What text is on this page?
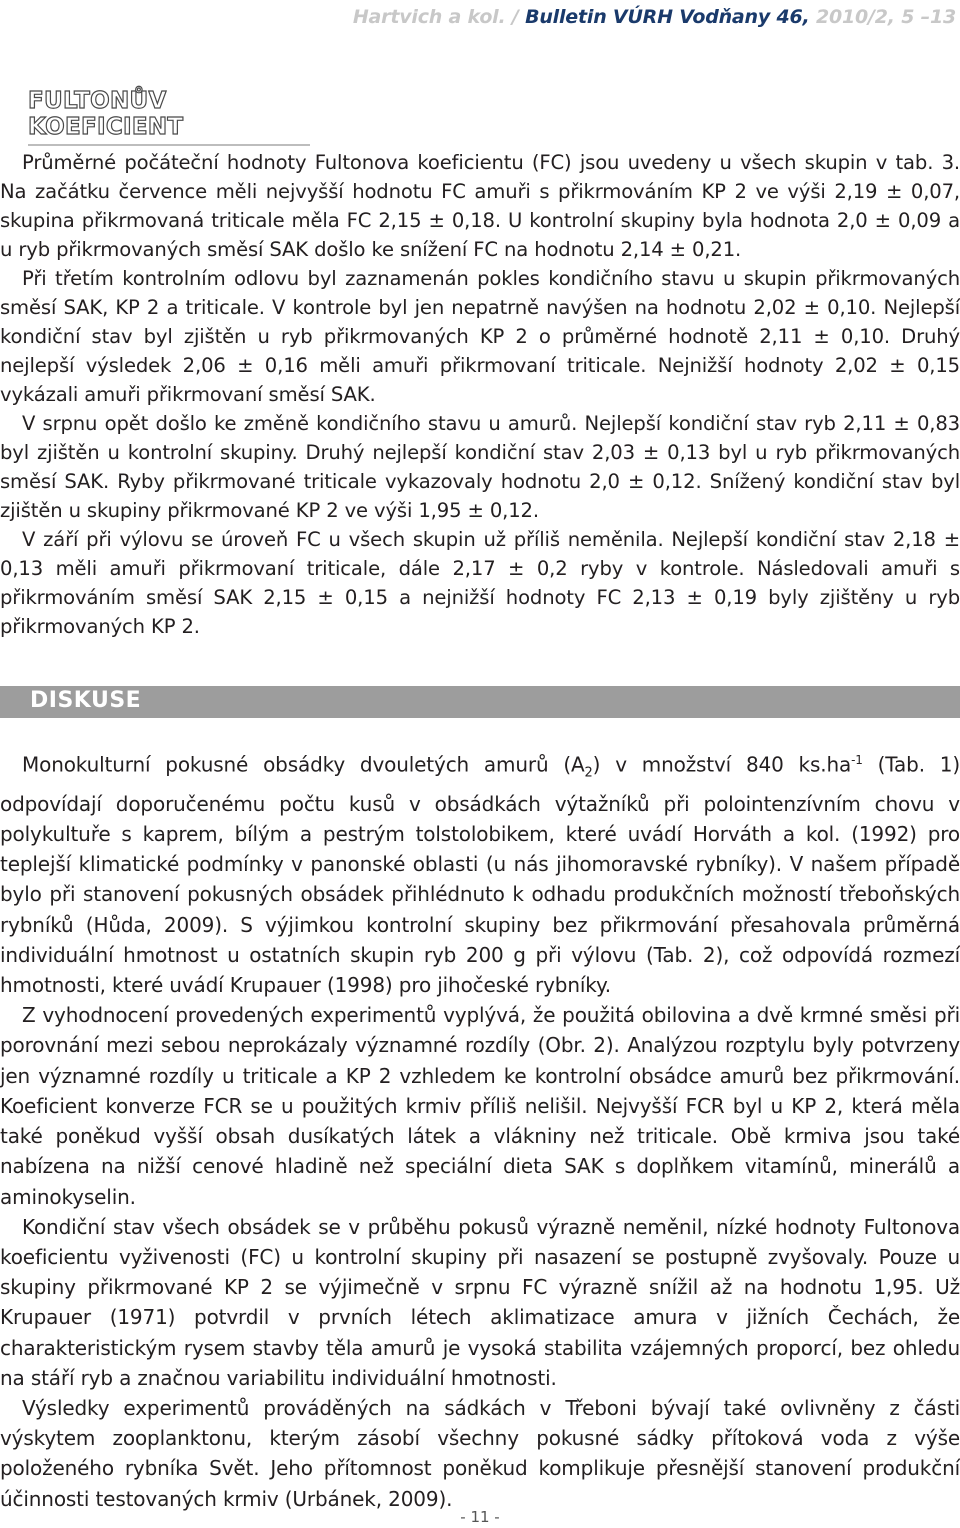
Hartvich a kol. / Bulletin VÚRH Vodňany 46, 2010/2, 5 –13
FULTONŮV KOEFICIENT

Průměrné počáteční hodnoty Fultonova koeficientu (FC) jsou uvedeny u všech skupin v tab. 3. Na začátku července měli nejvyšší hodnotu FC amuři s přikrmováním KP 2 ve výši 2,19 ± 0,07, skupina přikrmovaná triticale měla FC 2,15 ± 0,18. U kontrolní skupiny byla hodnota 2,0 ± 0,09 a u ryb přikrmovaných směsí SAK došlo ke snížení FC na hodnotu 2,14 ± 0,21.

Při třetím kontrolním odlovu byl zaznamenán pokles kondičního stavu u skupin přikrmovaných směsí SAK, KP 2 a triticale. V kontrole byl jen nepatrně navýšen na hodnotu 2,02 ± 0,10. Nejlepší kondiční stav byl zjištěn u ryb přikrmovaných KP 2 o průměrné hodnotě 2,11 ± 0,10. Druhý nejlepší výsledek 2,06 ± 0,16 měli amuři přikrmovaní triticale. Nejnižší hodnoty 2,02 ± 0,15 vykázali amuři přikrmovaní směsí SAK.

V srpnu opět došlo ke změně kondičního stavu u amurů. Nejlepší kondiční stav ryb 2,11 ± 0,83 byl zjištěn u kontrolní skupiny. Druhý nejlepší kondiční stav 2,03 ± 0,13 byl u ryb přikrmovaných směsí SAK. Ryby přikrmované triticale vykazovaly hodnotu 2,0 ± 0,12. Snížený kondiční stav byl zjištěn u skupiny přikrmované KP 2 ve výši 1,95 ± 0,12.

V září při výlovu se úroveň FC u všech skupin už příliš neměnila. Nejlepší kondiční stav 2,18 ± 0,13 měli amuři přikrmovaní triticale, dále 2,17 ± 0,2 ryby v kontrole. Následovali amuři s přikrmováním směsí SAK 2,15 ± 0,15 a nejnižší hodnoty FC 2,13 ± 0,19 byly zjištěny u ryb přikrmovaných KP 2.

DISKUSE

Monokulturní pokusné obsádky dvouletých amurů $(A_2)$ v množství 840 $ks.ha^{-1}$ (Tab. 1) odpovídají doporučenému počtu kusů v obsádkách výtažníků při polointenzívním chovu v polykultuře s kaprem, bílým a pestrým tolstolobikem, které uvádí Horváth a kol. (1992) pro teplejší klimatické podmínky v panonské oblasti (u nás jihomoravské rybníky). V našem případě bylo při stanovení pokusných obsádek přihlédnuto k odhadu produkčních možností třeboňských rybníků (Hůda, 2009). S výjimkou kontrolní skupiny bez přikrmování přesahovala průměrná individuální hmotnost u ostatních skupin ryb 200 g při výlovu (Tab. 2), což odpovídá rozmezí hmotnosti, které uvádí Krupauer (1998) pro jihočeské rybníky.

Z vyhodnocení provedených experimentů vyplývá, že použitá obilovina a dvě krmné směsi při porovnání mezi sebou neprokázaly významné rozdíly (Obr. 2). Analýzou rozptylu byly potvrzeny jen významné rozdíly u triticale a KP 2 vzhledem ke kontrolní obsádce amurů bez přikrmování. Koeficient konverze FCR se u použitých krmiv příliš nelišil. Nejvyšší FCR byl u KP 2, která měla také poněkud vyšší obsah dusíkatých látek a vlákniny než triticale. Obě krmiva jsou také nabízena na nižší cenové hladině než speciální dieta SAK s doplňkem vitamínů, minerálů a aminokyselin.

Kondiční stav všech obsádek se v průběhu pokusů výrazně neměnil, nízké hodnoty Fultonova koeficientu vyživenosti (FC) u kontrolní skupiny při nasazení se postupně zvyšovaly. Pouze u skupiny přikrmované KP 2 se výjimečně v srpnu FC výrazně snížil až na hodnotu 1,95. Už Krupauer (1971) potvrdil v prvních létech aklimatizace amura v jižních Čechách, že charakteristickým rysem stavby těla amurů je vysoká stabilita vzájemných proporcí, bez ohledu na stáří ryb a značnou variabilitu individuální hmotnosti.

Výsledky experimentů prováděných na sádkách v Třeboni bývají také ovlivněny z části výskytem zooplanktonu, kterým zásobí všechny pokusné sádky přítoková voda z výše položeného rybníka Svět. Jeho přítomnost poněkud komplikuje přesnější stanovení produkční účinnosti testovaných krmiv (Urbánek, 2009).

- 11 -
